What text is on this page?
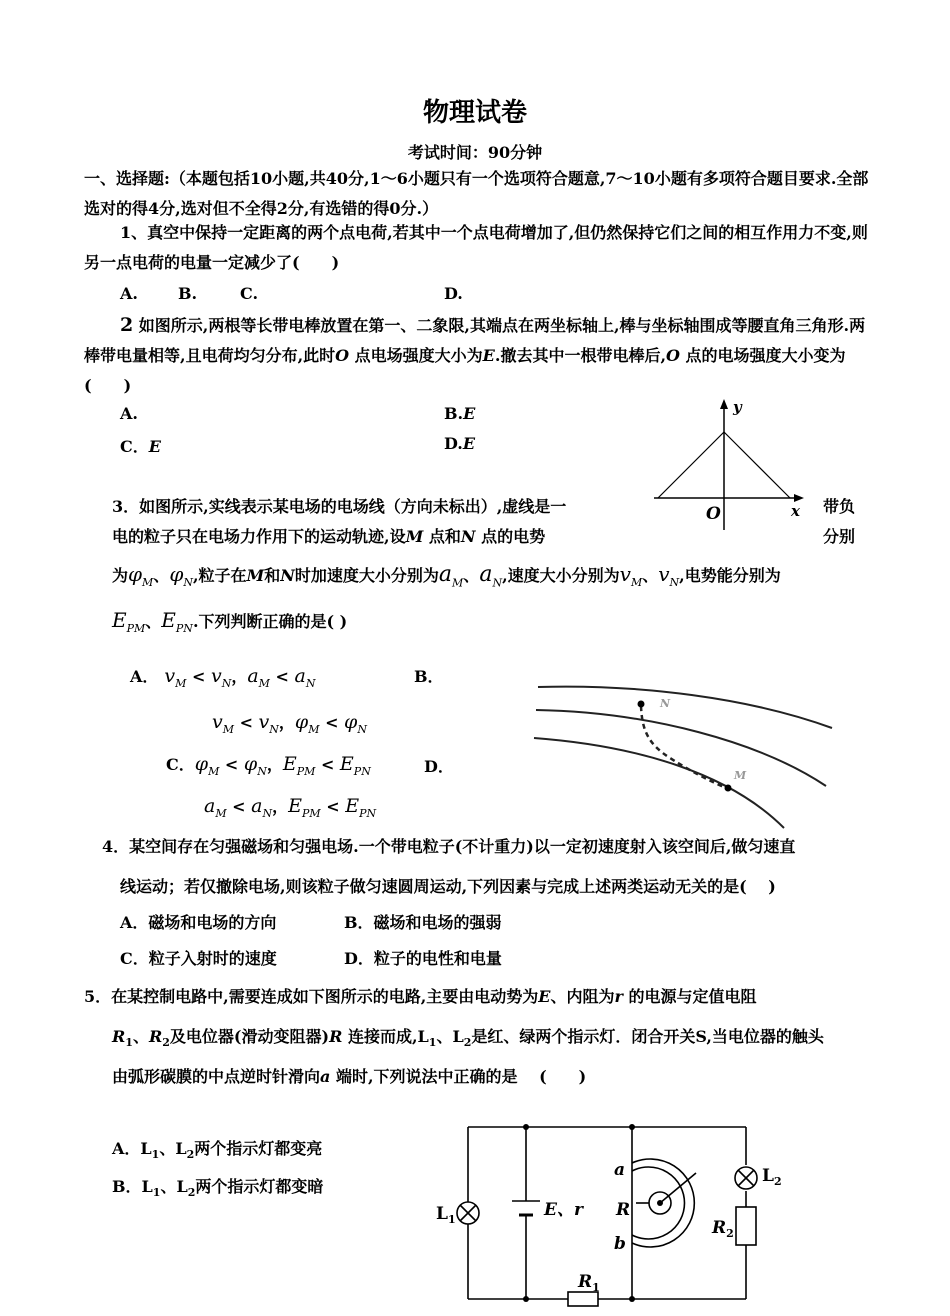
物理试卷
考试时间：90分钟
一、选择题:（本题包括10小题,共40分,1～6小题只有一个选项符合题意,7～10小题有多项符合题目要求.全部选对的得4分,选对但不全得2分,有选错的得0分.）
1、真空中保持一定距离的两个点电荷,若其中一个点电荷增加了,但仍然保持它们之间的相互作用力不变,则另一点电荷的电量一定减少了(　　)
A.	B.	C.	D.
2 如图所示,两根等长带电棒放置在第一、二象限,其端点在两坐标轴上,棒与坐标轴围成等腰直角三角形.两棒带电量相等,且电荷均匀分布,此时O 点电场强度大小为E.撤去其中一根带电棒后,O 点的电场强度大小变为(　　)
A.	B.E
C．E	D.E
y
x
O
3．如图所示,实线表示某电场的电场线（方向未标出）,虚线是一	带负
电的粒子只在电场力作用下的运动轨迹,设M 点和N 点的电势	分别
为$\varphi_M$、$\varphi_N$,粒子在M和N时加速度大小分别为$a_M$、$a_N$,速度大小分别为$v_M$、$v_N$,电势能分别为
$E_{PM}$、$E_{PN}$.下列判断正确的是( )
A． $v_M < v_N$，$a_M < a_N$	B．
$v_M < v_N$，$\varphi_M < \varphi_N$
C．$\varphi_M < \varphi_N$，$E_{PM} < E_{PN}$	D．
$a_M < a_N$，$E_{PM} < E_{PN}$
N
M
4．某空间存在匀强磁场和匀强电场.一个带电粒子(不计重力)以一定初速度射入该空间后,做匀速直
线运动；若仅撤除电场,则该粒子做匀速圆周运动,下列因素与完成上述两类运动无关的是(　 )
A．磁场和电场的方向	B．磁场和电场的强弱
C．粒子入射时的速度	D．粒子的电性和电量
5．在某控制电路中,需要连成如下图所示的电路,主要由电动势为E、内阻为r 的电源与定值电阻
$R_1$、$R_2$及电位器(滑动变阻器)R 连接而成$,L_1$、$L_2$是红、绿两个指示灯．闭合开关S,当电位器的触头
由弧形碳膜的中点逆时针滑向a 端时,下列说法中正确的是　 (　　)
A．$L_1$、$L_2$两个指示灯都变亮
B．$L_1$、$L_2$两个指示灯都变暗
$L_1$	E、r
a
R
b
$L_2$
$R_2$
$R_1$
